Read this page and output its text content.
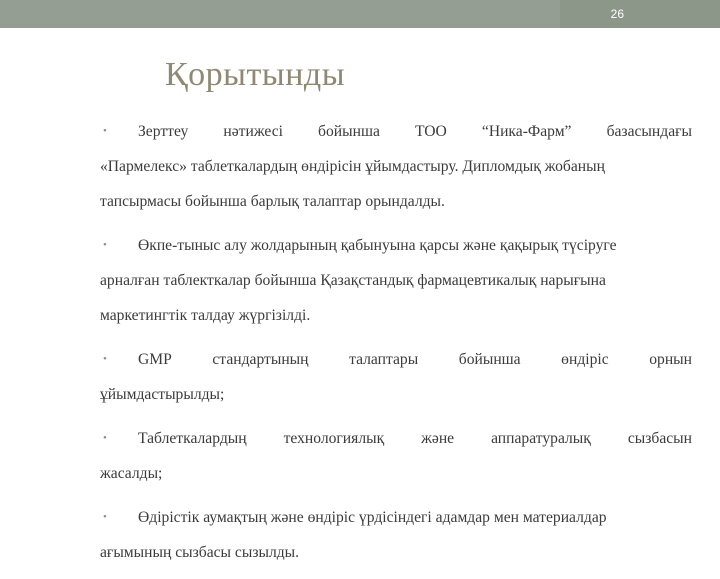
26
Қорытынды
• Зерттеу нәтижесі бойынша ТОО “Ника-Фарм” базасындағы
«Пармелекс» таблеткалардың өндірісін ұйымдастыру. Дипломдық жобаның
тапсырмасы бойынша барлық талаптар орындалды.
• Өкпе-тыныс алу жолдарының қабынуына қарсы және қақырық түсіруге
арналған таблекткалар бойынша Қазақстандық фармацевтикалық нарығына
маркетингтік талдау жүргізілді.
• GMP	стандартының	талаптары	бойынша	өндіріс	орнын
ұйымдастырылды;
• Таблеткалардың технологиялық және аппаратуралық сызбасын
жасалды;
• Өдірістік аумақтың және өндіріс үрдісіндегі адамдар мен материалдар
ағымының сызбасы сызылды.
